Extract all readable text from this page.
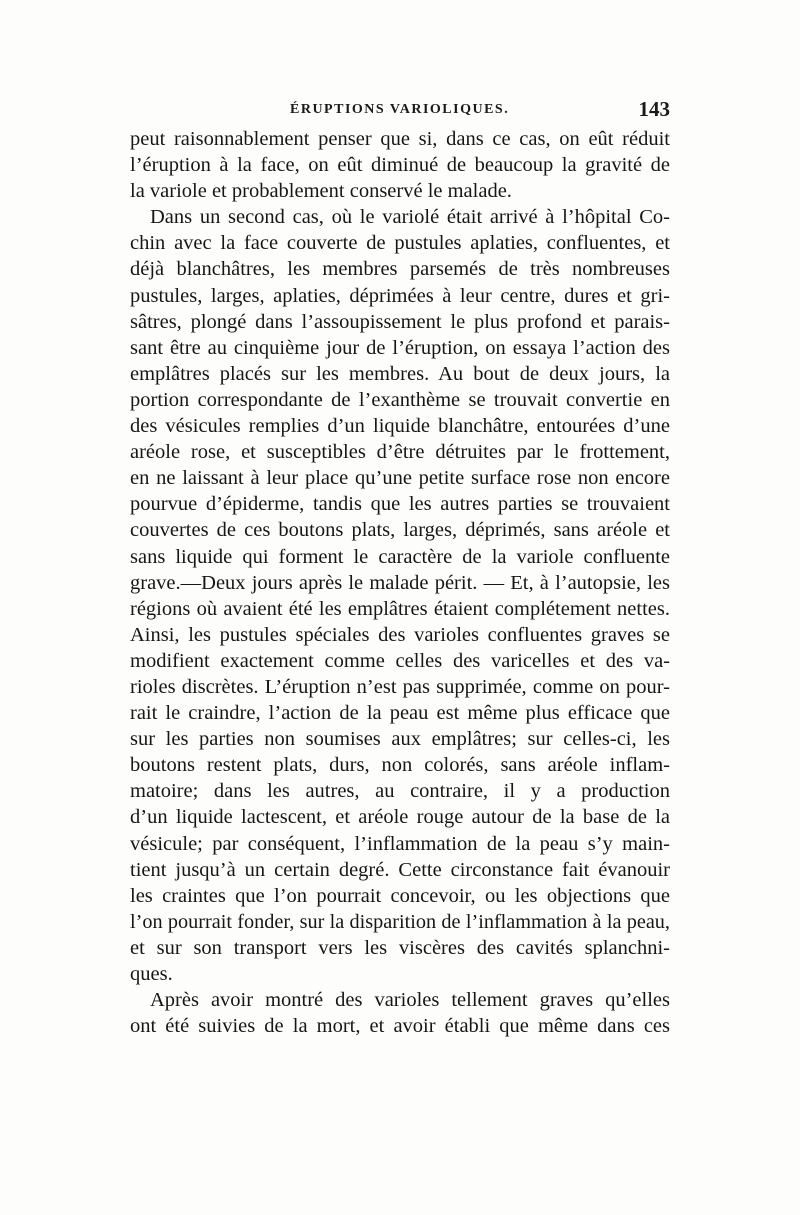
ÉRUPTIONS VARIOLIQUES.	143
peut raisonnablement penser que si, dans ce cas, on eût réduit
l’éruption à la face, on eût diminué de beaucoup la gravité de
la variole et probablement conservé le malade.
Dans un second cas, où le variolé était arrivé à l’hôpital Co-
chin avec la face couverte de pustules aplaties, confluentes, et
déjà blanchâtres, les membres parsemés de très nombreuses
pustules, larges, aplaties, déprimées à leur centre, dures et gri-
sâtres, plongé dans l’assoupissement le plus profond et parais-
sant être au cinquième jour de l’éruption, on essaya l’action des
emplâtres placés sur les membres. Au bout de deux jours, la
portion correspondante de l’exanthème se trouvait convertie en
des vésicules remplies d’un liquide blanchâtre, entourées d’une
aréole rose, et susceptibles d’être détruites par le frottement,
en ne laissant à leur place qu’une petite surface rose non encore
pourvue d’épiderme, tandis que les autres parties se trouvaient
couvertes de ces boutons plats, larges, déprimés, sans aréole et
sans liquide qui forment le caractère de la variole confluente
grave.—Deux jours après le malade périt. — Et, à l’autopsie, les
régions où avaient été les emplâtres étaient complétement nettes.
Ainsi, les pustules spéciales des varioles confluentes graves se
modifient exactement comme celles des varicelles et des va-
rioles discrètes. L’éruption n’est pas supprimée, comme on pour-
rait le craindre, l’action de la peau est même plus efficace que
sur les parties non soumises aux emplâtres; sur celles-ci, les
boutons restent plats, durs, non colorés, sans aréole inflam-
matoire; dans les autres, au contraire, il y a production
d’un liquide lactescent, et aréole rouge autour de la base de la
vésicule; par conséquent, l’inflammation de la peau s’y main-
tient jusqu’à un certain degré. Cette circonstance fait évanouir
les craintes que l’on pourrait concevoir, ou les objections que
l’on pourrait fonder, sur la disparition de l’inflammation à la peau,
et sur son transport vers les viscères des cavités splanchni-
ques.
Après avoir montré des varioles tellement graves qu’elles
ont été suivies de la mort, et avoir établi que même dans ces
